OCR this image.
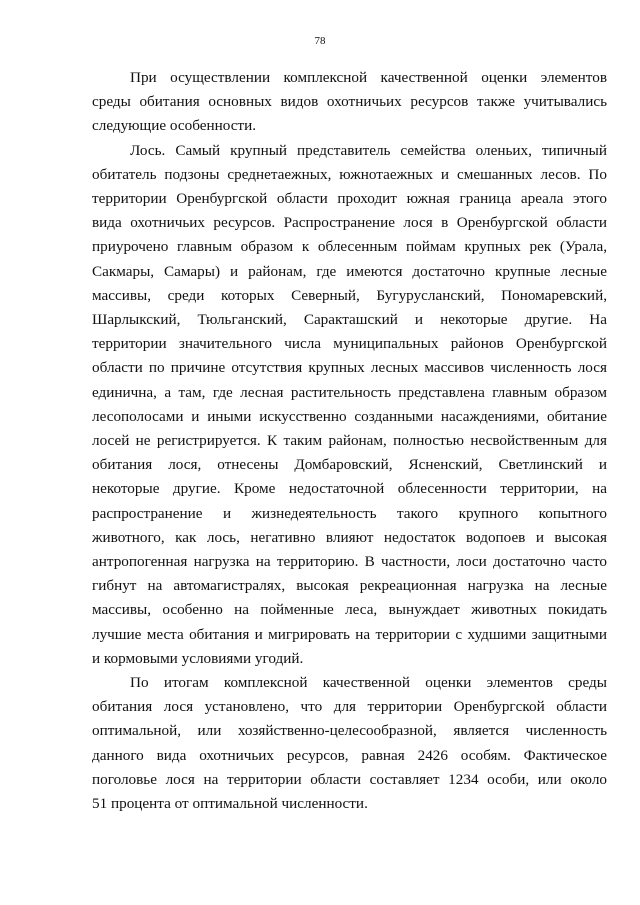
78
При осуществлении комплексной качественной оценки элементов
среды обитания основных видов охотничьих ресурсов также учитывались
следующие особенности.
Лось. Самый крупный представитель семейства оленьих, типичный
обитатель подзоны среднетаежных, южнотаежных и смешанных лесов. По
территории Оренбургской области проходит южная граница ареала этого
вида охотничьих ресурсов. Распространение лося в Оренбургской области
приурочено главным образом к облесенным поймам крупных рек (Урала,
Сакмары, Самары) и районам, где имеются достаточно крупные лесные
массивы, среди которых Северный, Бугурусланский, Пономаревский,
Шарлыкский, Тюльганский, Саракташский и некоторые другие. На
территории значительного числа муниципальных районов Оренбургской
области по причине отсутствия крупных лесных массивов численность лося
единична, а там, где лесная растительность представлена главным образом
лесополосами и иными искусственно созданными насаждениями, обитание
лосей не регистрируется. К таким районам, полностью несвойственным для
обитания лося, отнесены Домбаровский, Ясненский, Светлинский и
некоторые другие. Кроме недостаточной облесенности территории, на
распространение и жизнедеятельность такого крупного копытного
животного, как лось, негативно влияют недостаток водопоев и высокая
антропогенная нагрузка на территорию. В частности, лоси достаточно часто
гибнут на автомагистралях, высокая рекреационная нагрузка на лесные
массивы, особенно на пойменные леса, вынуждает животных покидать
лучшие места обитания и мигрировать на территории с худшими защитными
и кормовыми условиями угодий.
По итогам комплексной качественной оценки элементов среды
обитания лося установлено, что для территории Оренбургской области
оптимальной, или хозяйственно-целесообразной, является численность
данного вида охотничьих ресурсов, равная 2426 особям. Фактическое
поголовье лося на территории области составляет 1234 особи, или около
51 процента от оптимальной численности.
